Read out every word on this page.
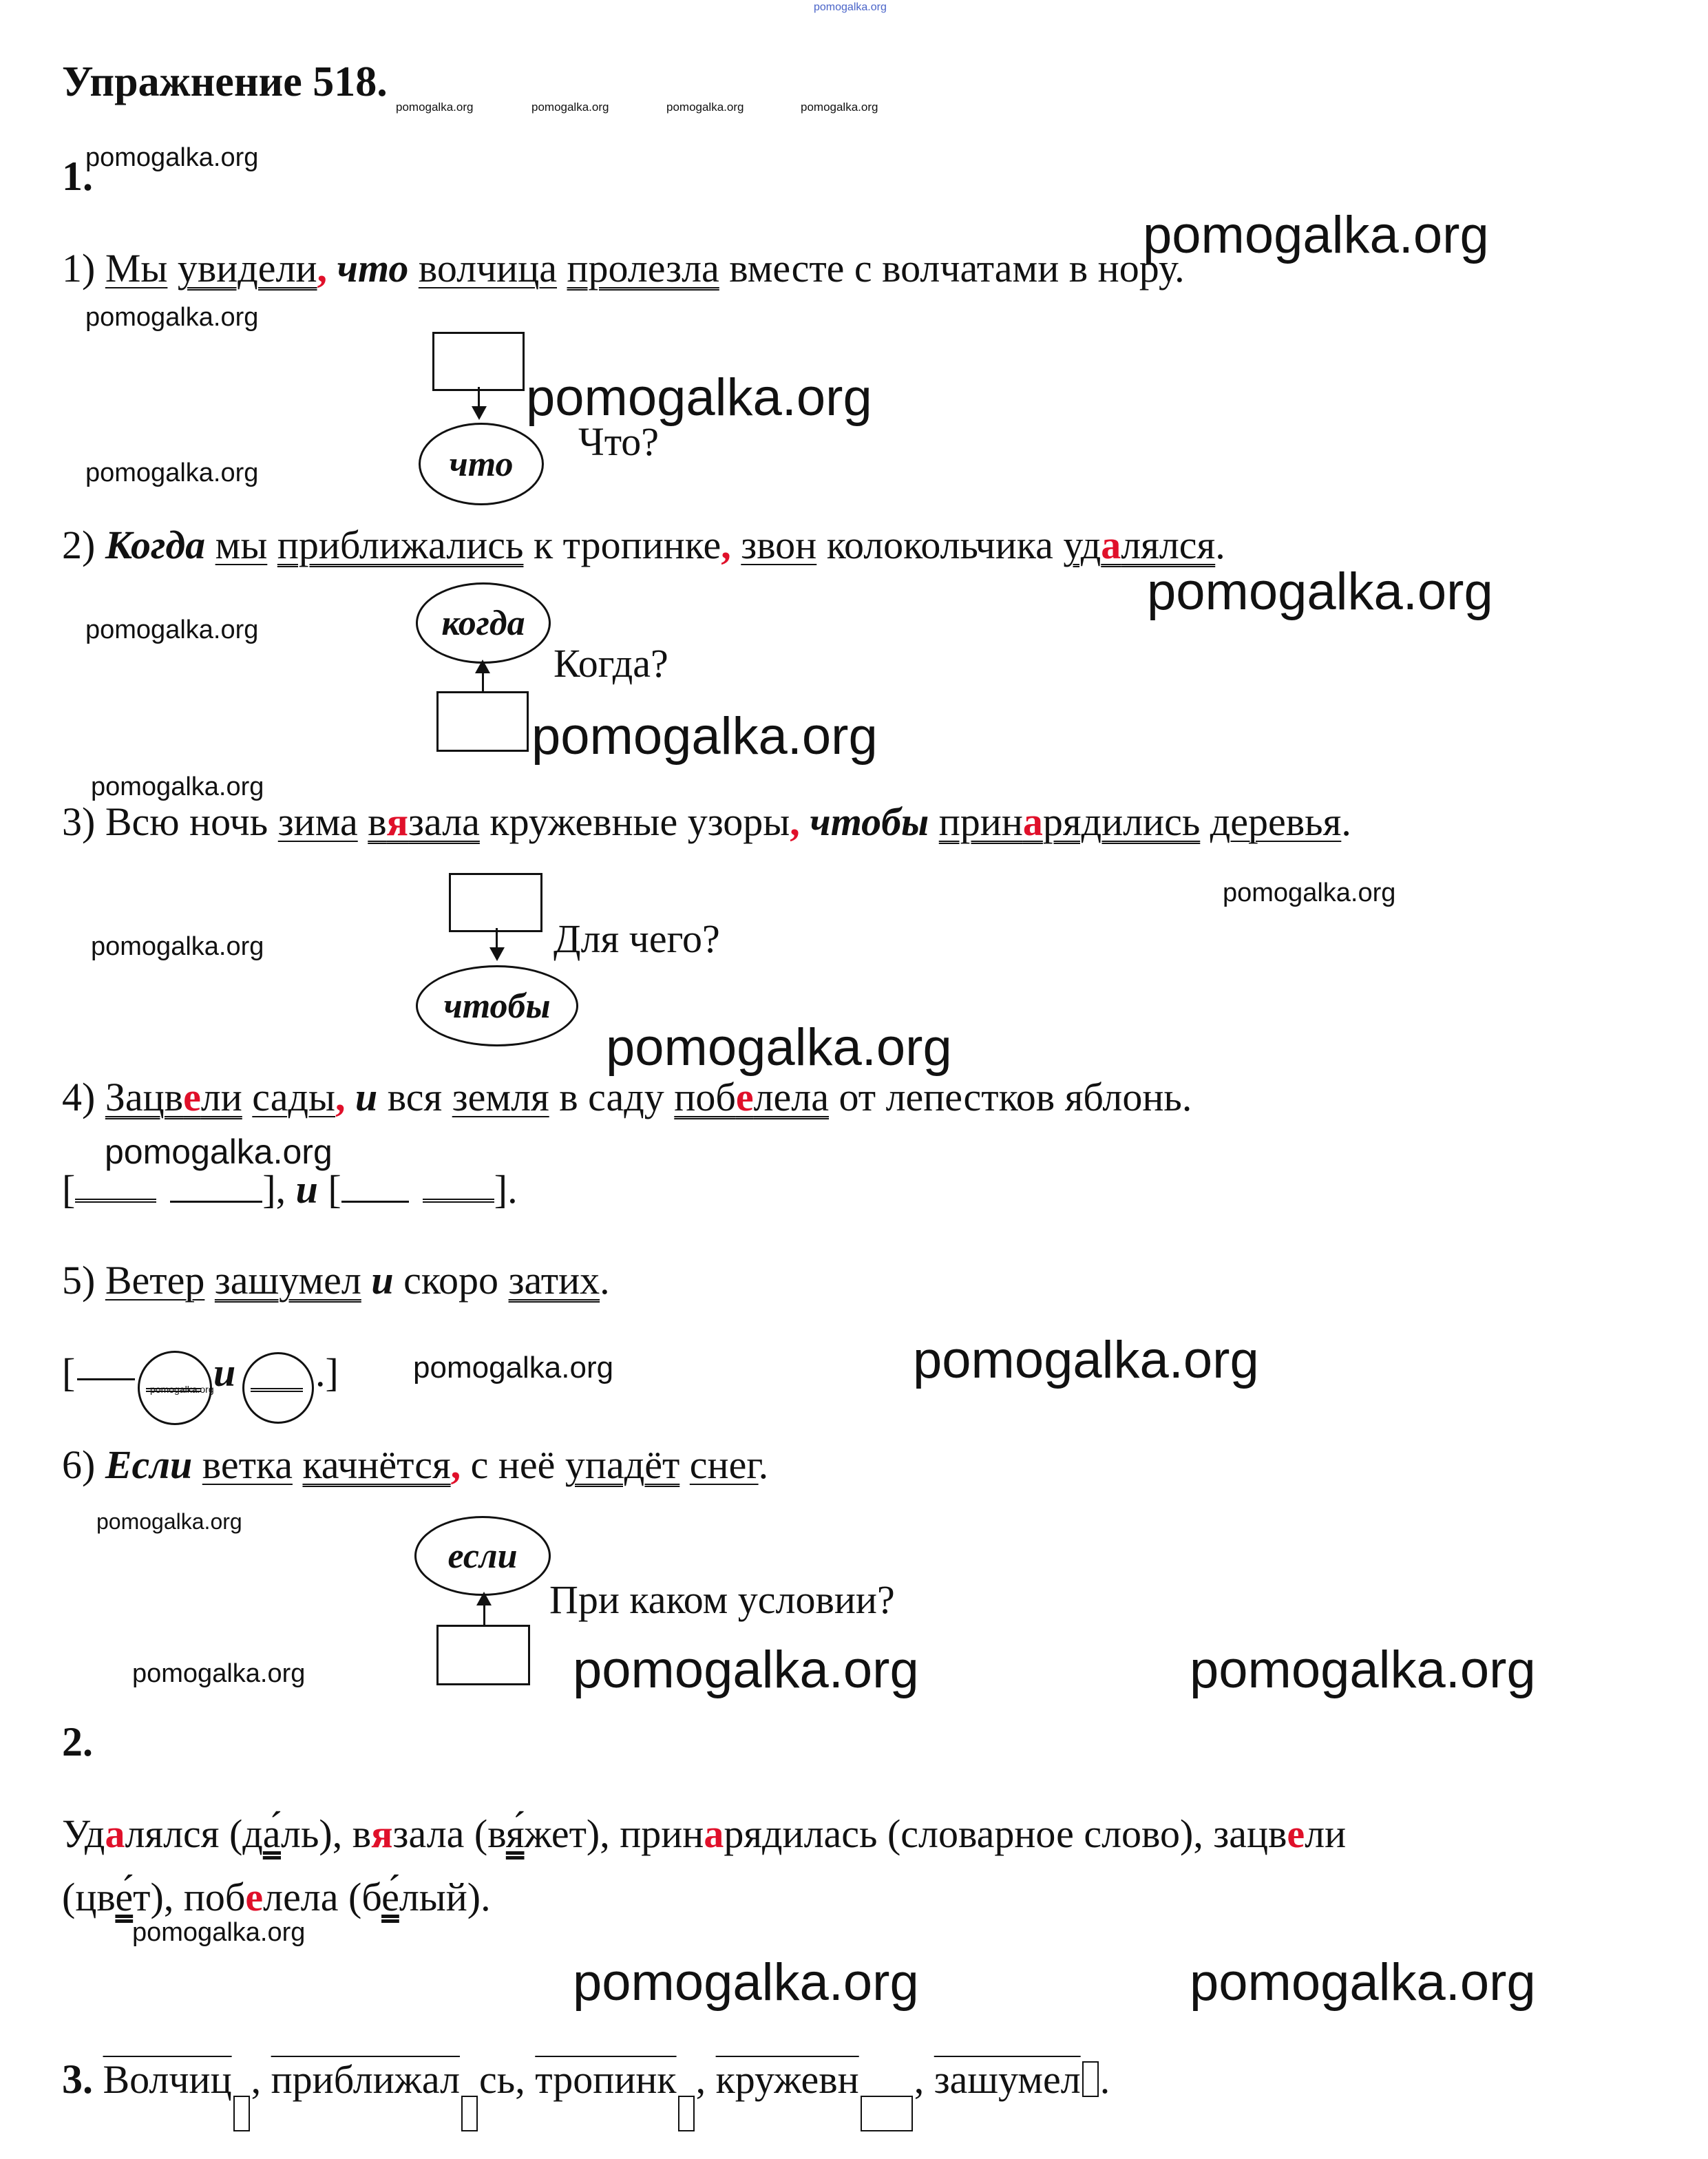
pomogalka.org
Упражнение 518.
pomogalka.org	pomogalka.org	pomogalka.org	pomogalka.org
1.
pomogalka.org
pomogalka.org
1) Мы увидели, что волчица пролезла вместе с волчатами в нору.
pomogalka.org
что
pomogalka.org
Что?
pomogalka.org
2) Когда мы приближались к тропинке, звон колокольчика удалялся.
pomogalka.org
когда
Когда?
pomogalka.org
pomogalka.org
pomogalka.org
3) Всю ночь зима вязала кружевные узоры, чтобы принарядились деревья.
pomogalka.org
чтобы
Для чего?
pomogalka.org
pomogalka.org
4) Зацвели сады, и вся земля в саду побелела от лепестков яблонь.
pomogalka.org
[	], и [	].
5) Ветер зашумел и скоро затих.
[	pomogalka.org и .] pomogalka.org	pomogalka.org
6) Если ветка качнётся, с неё упадёт снег.
pomogalka.org
если
При каком условии?
pomogalka.org	pomogalka.org	pomogalka.org
2.
Удалялся (да́ль), вязала (вя́жет), принарядилась (словарное слово), зацвели
(цве́т), побелела (бе́лый).
pomogalka.org
pomogalka.org	pomogalka.org
3. Волчиц , приближал сь, тропинк , кружевн , зашумел .
